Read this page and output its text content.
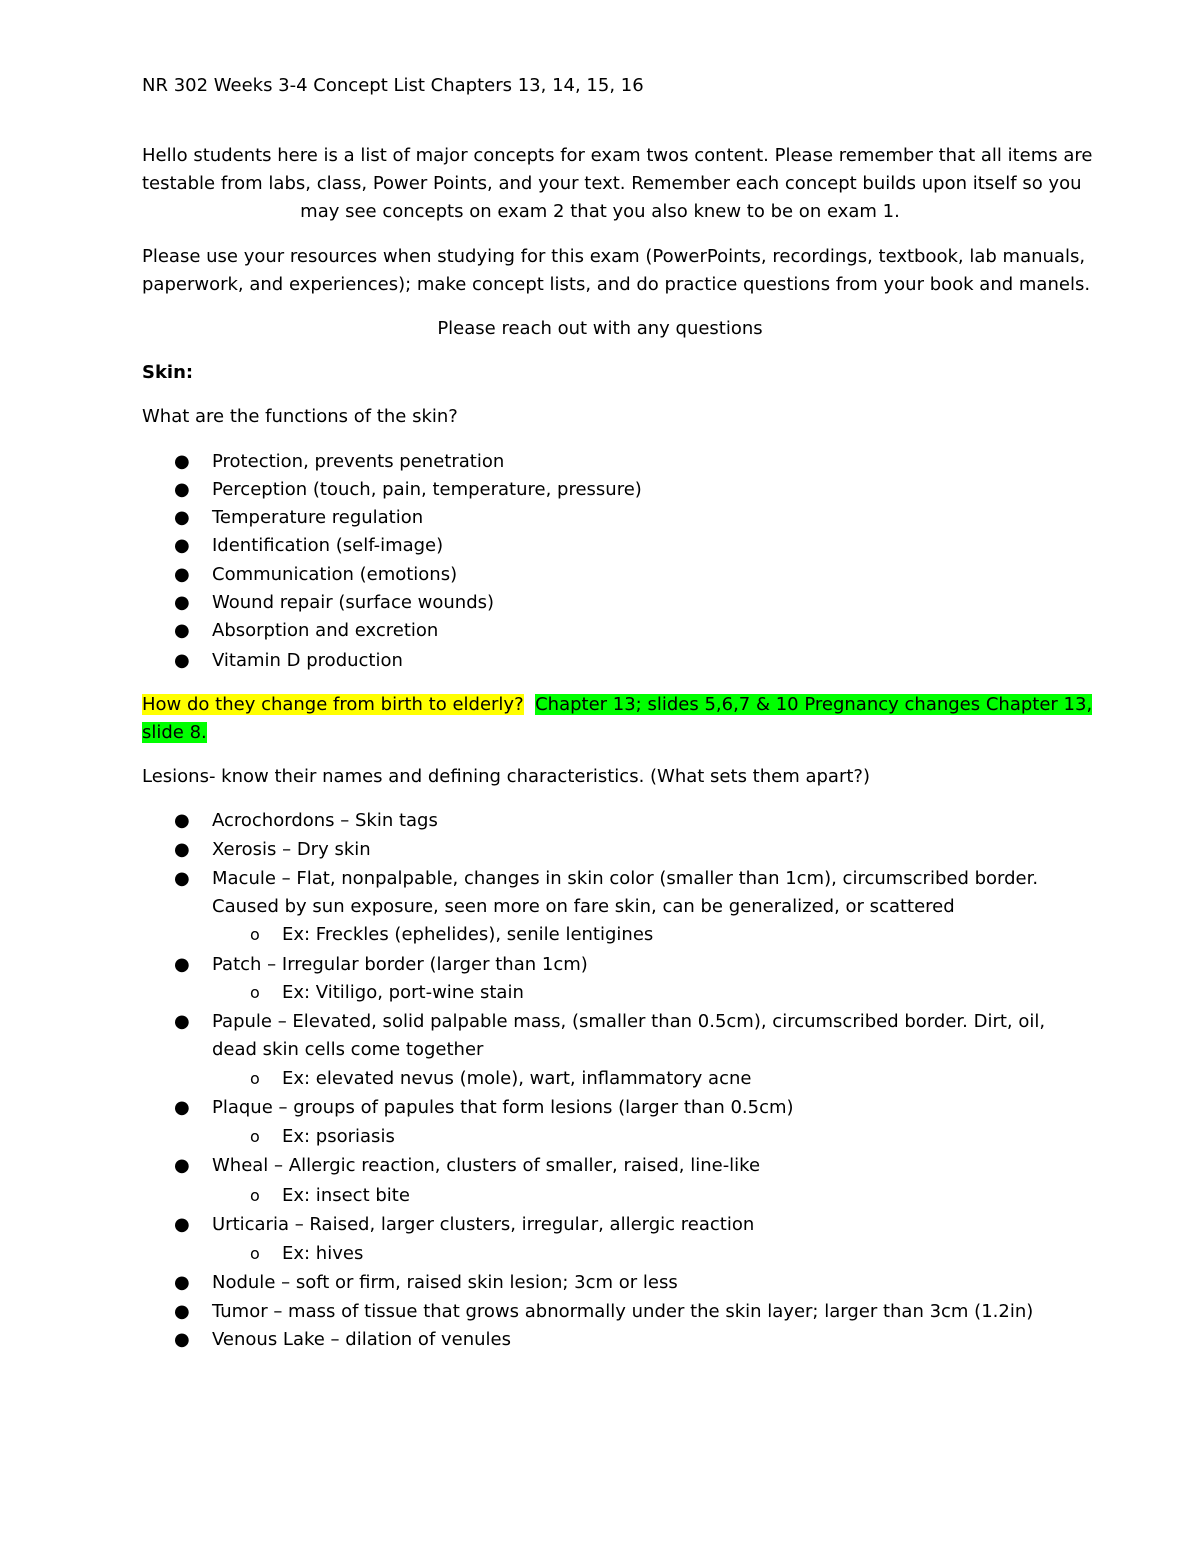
NR 302 Weeks 3-4 Concept List Chapters 13, 14, 15, 16
Hello students here is a list of major concepts for exam twos content. Please remember that all items are
testable from labs, class, Power Points, and your text. Remember each concept builds upon itself so you
may see concepts on exam 2 that you also knew to be on exam 1.
Please use your resources when studying for this exam (PowerPoints, recordings, textbook, lab manuals,
paperwork, and experiences); make concept lists, and do practice questions from your book and manels.
Please reach out with any questions
Skin:
What are the functions of the skin?
● Protection, prevents penetration
● Perception (touch, pain, temperature, pressure)
● Temperature regulation
● Identification (self-image)
● Communication (emotions)
● Wound repair (surface wounds)
● Absorption and excretion
● Vitamin D production
How do they change from birth to elderly? Chapter 13; slides 5,6,7 & 10 Pregnancy changes Chapter 13,
slide 8.
Lesions- know their names and defining characteristics. (What sets them apart?)
● Acrochordons – Skin tags
● Xerosis – Dry skin
● Macule – Flat, nonpalpable, changes in skin color (smaller than 1cm), circumscribed border.
Caused by sun exposure, seen more on fare skin, can be generalized, or scattered
o Ex: Freckles (ephelides), senile lentigines
● Patch – Irregular border (larger than 1cm)
o Ex: Vitiligo, port-wine stain
● Papule – Elevated, solid palpable mass, (smaller than 0.5cm), circumscribed border. Dirt, oil,
dead skin cells come together
o Ex: elevated nevus (mole), wart, inflammatory acne
● Plaque – groups of papules that form lesions (larger than 0.5cm)
o Ex: psoriasis
● Wheal – Allergic reaction, clusters of smaller, raised, line-like
o Ex: insect bite
● Urticaria – Raised, larger clusters, irregular, allergic reaction
o Ex: hives
● Nodule – soft or firm, raised skin lesion; 3cm or less
● Tumor – mass of tissue that grows abnormally under the skin layer; larger than 3cm (1.2in)
● Venous Lake – dilation of venules
